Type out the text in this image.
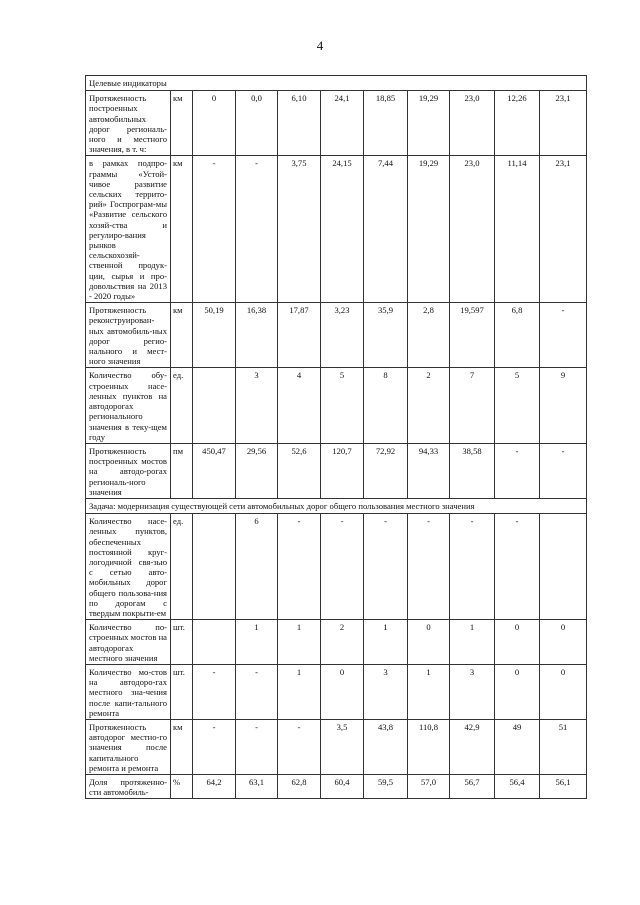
4
Целевые индикаторы										
Протяженность построенных автомобильных дорог региональ-ного и местного значения, в т. ч:	км	0	0,0	6,10	24,1	18,85	19,29	23,0	12,26	23,1
в рамках подпро-граммы «Устой-чивое развитие сельских террито-рий» Госпрограм-мы «Развитие сельского хозяй-ства и регулиро-вания рынков сельскохозяй-ственной продук-ции, сырья и про-довольствия на 2013 - 2020 годы»	км	-	-	3,75	24,15	7,44	19,29	23,0	11,14	23,1
Протяженность реконструирован-ных автомобиль-ных дорог регио-нального и мест-ного значения	км	50,19	16,38	17,87	3,23	35,9	2,8	19,597	6,8	-
Количество обу-строенных насе-ленных пунктов на автодорогах регионального значения в теку-щем году	ед.		3	4	5	8	2	7	5	9
Протяженность построенных мостов на автодо-рогах региональ-ного значения	пм	450,47	29,56	52,6	120,7	72,92	94,33	38,58	-	-
Задача: модернизация существующей сети автомобильных дорог общего пользования местного значения										
Количество насе-ленных пунктов, обеспеченных постоянной круг-логодичной свя-зью с сетью авто-мобильных дорог общего пользова-ния по дорогам с твердым покрыти-ем	ед.		6	-	-	-	-	-	-	
Количество по-строенных мостов на автодорогах местного значения	шт.		1	1	2	1	0	1	0	0
Количество мо-стов на автодоро-гах местного зна-чения после капи-тального ремонта	шт.	-	-	1	0	3	1	3	0	0
Протяженность автодорог местно-го значения после капитального ремонта и ремонта	км	-	-	-	3,5	43,8	110,8	42,9	49	51
Доля протяженно-сти автомобиль-	%	64,2	63,1	62,8	60,4	59,5	57,0	56,7	56,4	56,1
